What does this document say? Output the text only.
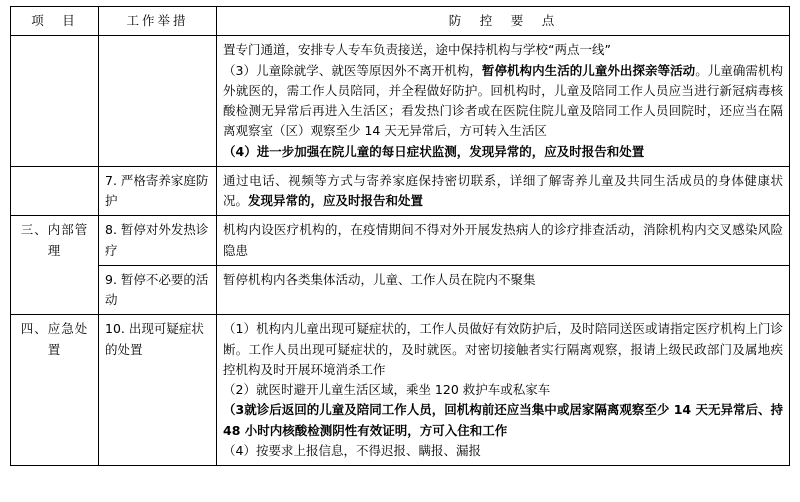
项　目	工作举措	防　控　要　点

		置专门通道，安排专人专车负责接送，途中保持机构与学校“两点一线”

（3）儿童除就学、就医等原因外不离开机构，暂停机构内生活的儿童外出探亲等活动。儿童确需机构外就医的，需工作人员陪同，并全程做好防护。回机构时，儿童及陪同工作人员应当进行新冠病毒核酸检测无异常后再进入生活区；看发热门诊者或在医院住院儿童及陪同工作人员回院时，还应当在隔离观察室（区）观察至少 14 天无异常后，方可转入生活区

（4）进一步加强在院儿童的每日症状监测，发现异常的，应及时报告和处置

	7. 严格寄养家庭防护	通过电话、视频等方式与寄养家庭保持密切联系，详细了解寄养儿童及共同生活成员的身体健康状况。发现异常的，应及时报告和处置

三、内部管理	8. 暂停对外发热诊疗	机构内设医疗机构的，在疫情期间不得对外开展发热病人的诊疗排查活动，消除机构内交叉感染风险隐患

	9. 暂停不必要的活动	暂停机构内各类集体活动，儿童、工作人员在院内不聚集

四、应急处置	10. 出现可疑症状的处置	（1）机构内儿童出现可疑症状的，工作人员做好有效防护后，及时陪同送医或请指定医疗机构上门诊断。工作人员出现可疑症状的，及时就医。对密切接触者实行隔离观察，报请上级民政部门及属地疾控机构及时开展环境消杀工作

（2）就医时避开儿童生活区域，乘坐 120 救护车或私家车

（3就诊后返回的儿童及陪同工作人员，回机构前还应当集中或居家隔离观察至少 14 天无异常后、持 48 小时内核酸检测阴性有效证明，方可入住和工作

（4）按要求上报信息，不得迟报、瞒报、漏报
